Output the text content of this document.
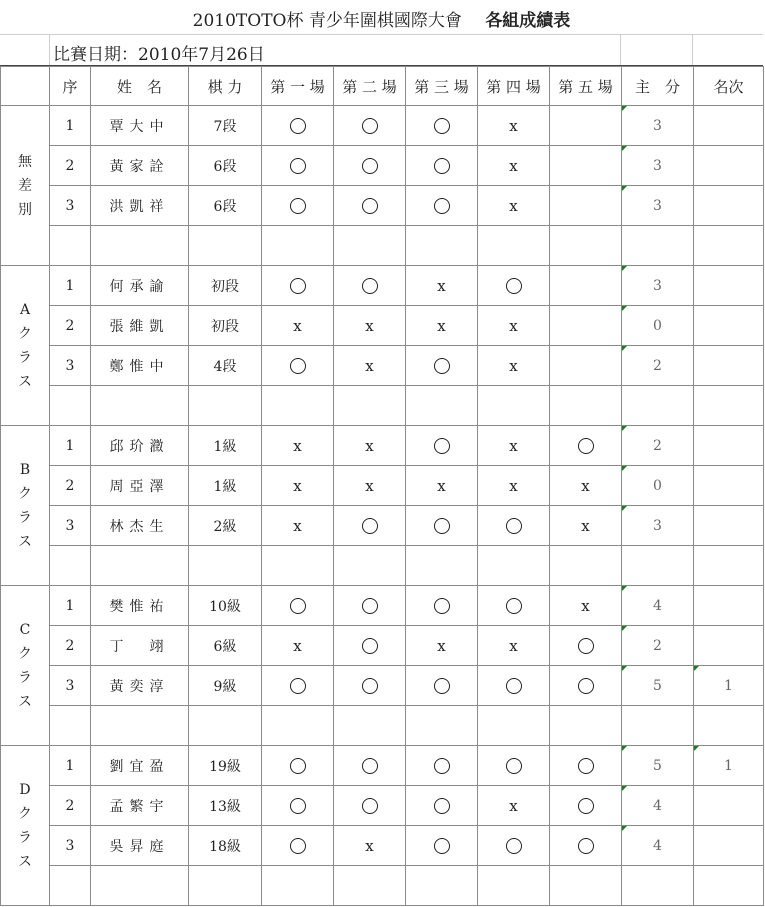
2010TOTO杯 青少年圍棋國際大會 各組成績表
比賽日期：2010年7月26日
	序	姓　名	棋 力	第 一 場	第 二 場	第 三 場	第 四 場	第 五 場	主　分	名次

無
差
別	1	覃大中	7段				x		3	
	2	黃家詮	6段				x		3	
	3	洪凱祥	6段				x		3	

A
ク
ラ
ス	1	何承諭	初段			x			3	
	2	張維凱	初段	x	x	x	x		0	
	3	鄭惟中	4段		x		x		2	

B
ク
ラ
ス	1	邱玠瀓	1級	x	x		x		2	
	2	周亞澤	1級	x	x	x	x	x	0	
	3	林杰生	2級	x				x	3	

C
ク
ラ
ス	1	樊惟祐	10級					x	4	
	2	丁　翊	6級	x		x	x		2	
	3	黃奕淳	9級						5	1

D
ク
ラ
ス	1	劉宜盈	19級						5	1
	2	孟繁宇	13級				x		4	
	3	吳昇庭	18級		x				4	
